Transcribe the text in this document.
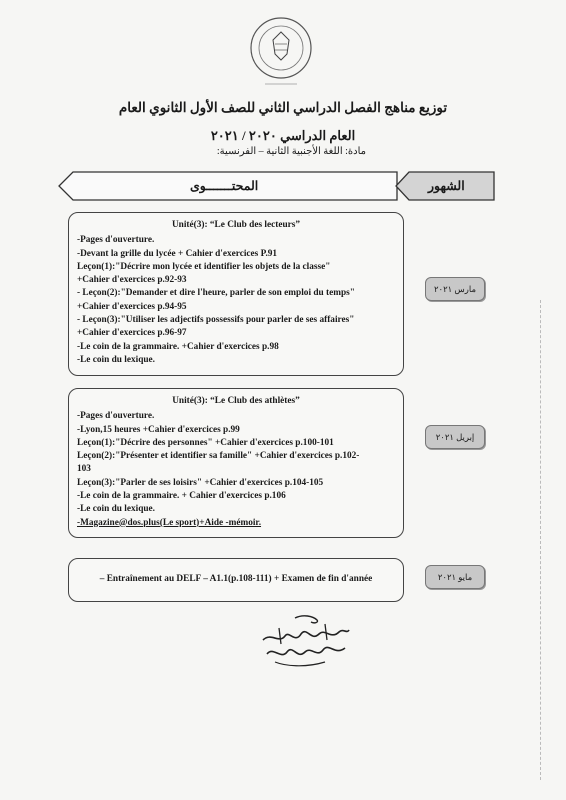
توزيع مناهج الفصل الدراسي الثاني للصف الأول الثانوي العام
العام الدراسي ٢٠٢٠ / ٢٠٢١
مادة: اللغة الأجنبية الثانية – الفرنسية:
المحتـــــــوى	الشهور
Unité(3): “Le Club des lecteurs”
-Pages d'ouverture.
-Devant la grille du lycée + Cahier d'exercices P.91
Leçon(1):"Décrire mon lycée et identifier les objets de la classe"
+Cahier d'exercices p.92-93
- Leçon(2):"Demander et dire l'heure, parler de son emploi du temps"
+Cahier d'exercices p.94-95
- Leçon(3):"Utiliser les adjectifs possessifs pour parler de ses affaires"
+Cahier d'exercices p.96-97
-Le coin de la grammaire. +Cahier d'exercices p.98
-Le coin du lexique.
مارس ٢٠٢١
Unité(3): “Le Club des athlètes”
-Pages d'ouverture.
-Lyon,15 heures +Cahier d'exercices p.99
Leçon(1):"Décrire des personnes" +Cahier d'exercices p.100-101
Leçon(2):"Présenter et identifier sa famille" +Cahier d'exercices p.102-
103
Leçon(3):"Parler de ses loisirs" +Cahier d'exercices p.104-105
-Le coin de la grammaire. + Cahier d'exercices p.106
-Le coin du lexique.
-Magazine@dos.plus(Le sport)+Aide -mémoir.
إبريل ٢٠٢١
– Entraînement au DELF – A1.1(p.108-111) + Examen de fin d'année	مايو ٢٠٢١
